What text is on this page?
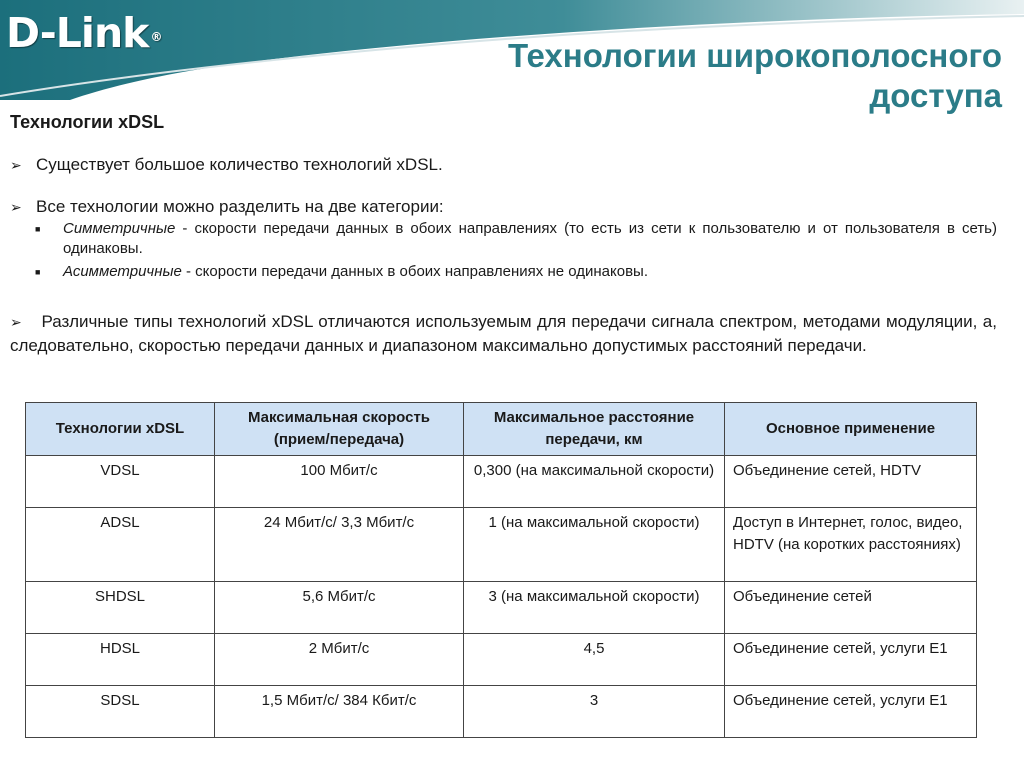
D-Link ®	Технологии широкополосного
доступа
Технологии xDSL
➢ Существует большое количество технологий xDSL.
➢ Все технологии можно разделить на две категории:
■ Симметричные - скорости передачи данных в обоих направлениях (то есть из сети к пользователю и от пользователя в сеть) одинаковы.
■ Асимметричные - скорости передачи данных в обоих направлениях не одинаковы.
➢ Различные типы технологий xDSL отличаются используемым для передачи сигнала спектром, методами модуляции, а, следовательно, скоростью передачи данных и диапазоном максимально допустимых расстояний передачи.
Технологии xDSL	Максимальная скорость (прием/передача)	Максимальное расстояние передачи, км	Основное применение
VDSL	100 Мбит/с	0,300 (на максимальной скорости)	Объединение сетей, HDTV
ADSL	24 Мбит/с/ 3,3 Мбит/с	1 (на максимальной скорости)	Доступ в Интернет, голос, видео, HDTV (на коротких расстояниях)
SHDSL	5,6 Мбит/с	3 (на максимальной скорости)	Объединение сетей
HDSL	2 Мбит/с	4,5	Объединение сетей, услуги E1
SDSL	1,5 Мбит/с/ 384 Кбит/с	3	Объединение сетей, услуги E1
